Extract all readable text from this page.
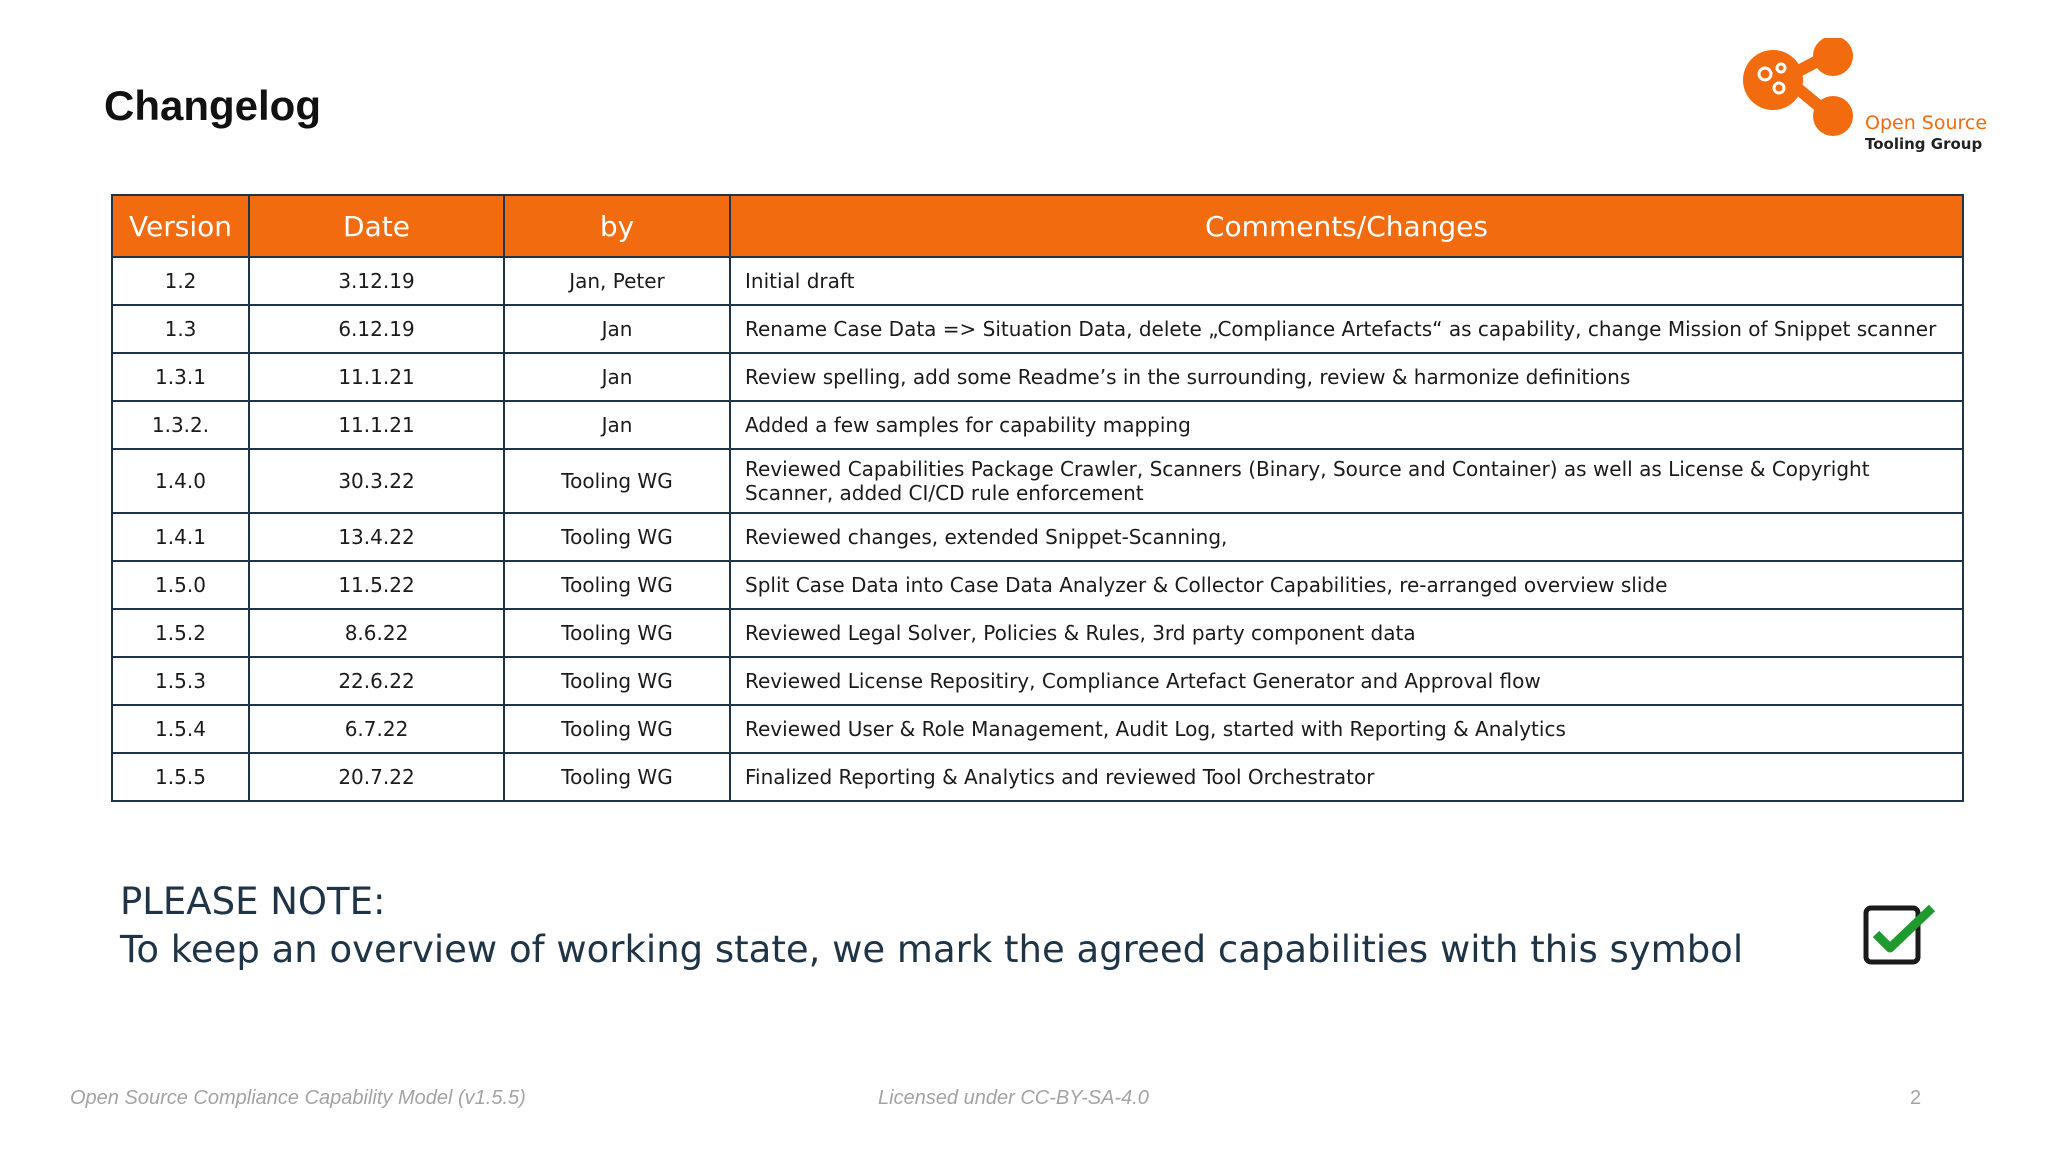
Changelog	Open Source
Tooling Group
Version	Date	by	Comments/Changes
1.2	3.12.19	Jan, Peter	Initial draft
1.3	6.12.19	Jan	Rename Case Data => Situation Data, delete „Compliance Artefacts“ as capability, change Mission of Snippet scanner
1.3.1	11.1.21	Jan	Review spelling, add some Readme’s in the surrounding, review & harmonize definitions
1.3.2.	11.1.21	Jan	Added a few samples for capability mapping
1.4.0	30.3.22	Tooling WG	Reviewed Capabilities Package Crawler, Scanners (Binary, Source and Container) as well as License & Copyright Scanner, added CI/CD rule enforcement
1.4.1	13.4.22	Tooling WG	Reviewed changes, extended Snippet-Scanning,
1.5.0	11.5.22	Tooling WG	Split Case Data into Case Data Analyzer & Collector Capabilities, re-arranged overview slide
1.5.2	8.6.22	Tooling WG	Reviewed Legal Solver, Policies & Rules, 3rd party component data
1.5.3	22.6.22	Tooling WG	Reviewed License Repositiry, Compliance Artefact Generator and Approval flow
1.5.4	6.7.22	Tooling WG	Reviewed User & Role Management, Audit Log, started with Reporting & Analytics
1.5.5	20.7.22	Tooling WG	Finalized Reporting & Analytics and reviewed Tool Orchestrator
PLEASE NOTE:
To keep an overview of working state, we mark the agreed capabilities with this symbol
Open Source Compliance Capability Model (v1.5.5)	Licensed under CC-BY-SA-4.0	2
